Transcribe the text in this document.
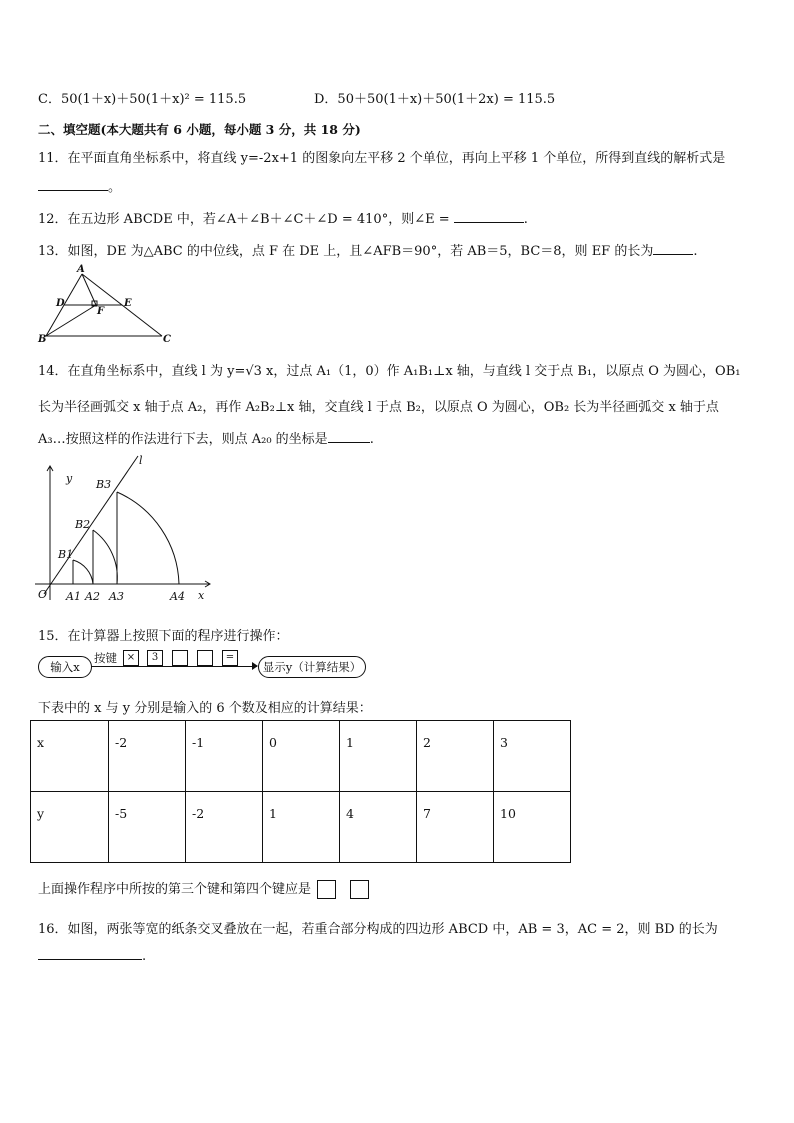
C．50(1＋x)＋50(1＋x)² = 115.5	D．50＋50(1＋x)＋50(1＋2x) = 115.5
二、填空题(本大题共有 6 小题，每小题 3 分，共 18 分)
11．在平面直角坐标系中，将直线 y=-2x+1 的图象向左平移 2 个单位，再向上平移 1 个单位，所得到直线的解析式是
。
12．在五边形 ABCDE 中，若∠A＋∠B＋∠C＋∠D = 410°，则∠E =	.
13．如图，DE 为△ABC 的中位线，点 F 在 DE 上，且∠AFB＝90°，若 AB＝5，BC＝8，则 EF 的长为	.
A
D
F
E
B	C
14．在直角坐标系中，直线 l 为 y=√3 x，过点 A₁（1，0）作 A₁B₁⊥x 轴，与直线 l 交于点 B₁，以原点 O 为圆心，OB₁
长为半径画弧交 x 轴于点 A₂，再作 A₂B₂⊥x 轴，交直线 l 于点 B₂，以原点 O 为圆心，OB₂ 长为半径画弧交 x 轴于点
A₃…按照这样的作法进行下去，则点 A₂₀ 的坐标是	.
l
y B3
B2
B1
O A1 A2 A3	A4 x
15．在计算器上按照下面的程序进行操作：
输入x
按键 ×	3	=
显示y（计算结果）
下表中的 x 与 y 分别是输入的 6 个数及相应的计算结果：
x	-2	-1	0	1	2	3
y	-5	-2	1	4	7	10
上面操作程序中所按的第三个键和第四个键应是
16．如图，两张等宽的纸条交叉叠放在一起，若重合部分构成的四边形 ABCD 中，AB = 3，AC = 2，则 BD 的长为
.
